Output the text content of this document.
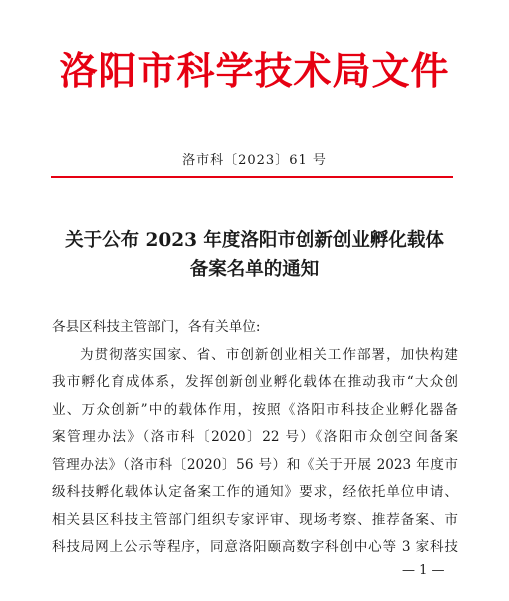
洛阳市科学技术局文件
洛市科〔2023〕61 号
关于公布 2023 年度洛阳市创新创业孵化载体
备案名单的通知
各县区科技主管部门，各有关单位:
为贯彻落实国家、省、市创新创业相关工作部署，加快构建
我市孵化育成体系，发挥创新创业孵化载体在推动我市“大众创
业、万众创新”中的载体作用，按照《洛阳市科技企业孵化器备
案管理办法》（洛市科〔2020〕22 号）《洛阳市众创空间备案
管理办法》（洛市科〔2020〕56 号）和《关于开展 2023 年度市
级科技孵化载体认定备案工作的通知》要求，经依托单位申请、
相关县区科技主管部门组织专家评审、现场考察、推荐备案、市
科技局网上公示等程序，同意洛阳颐高数字科创中心等 3 家科技
— 1 —
